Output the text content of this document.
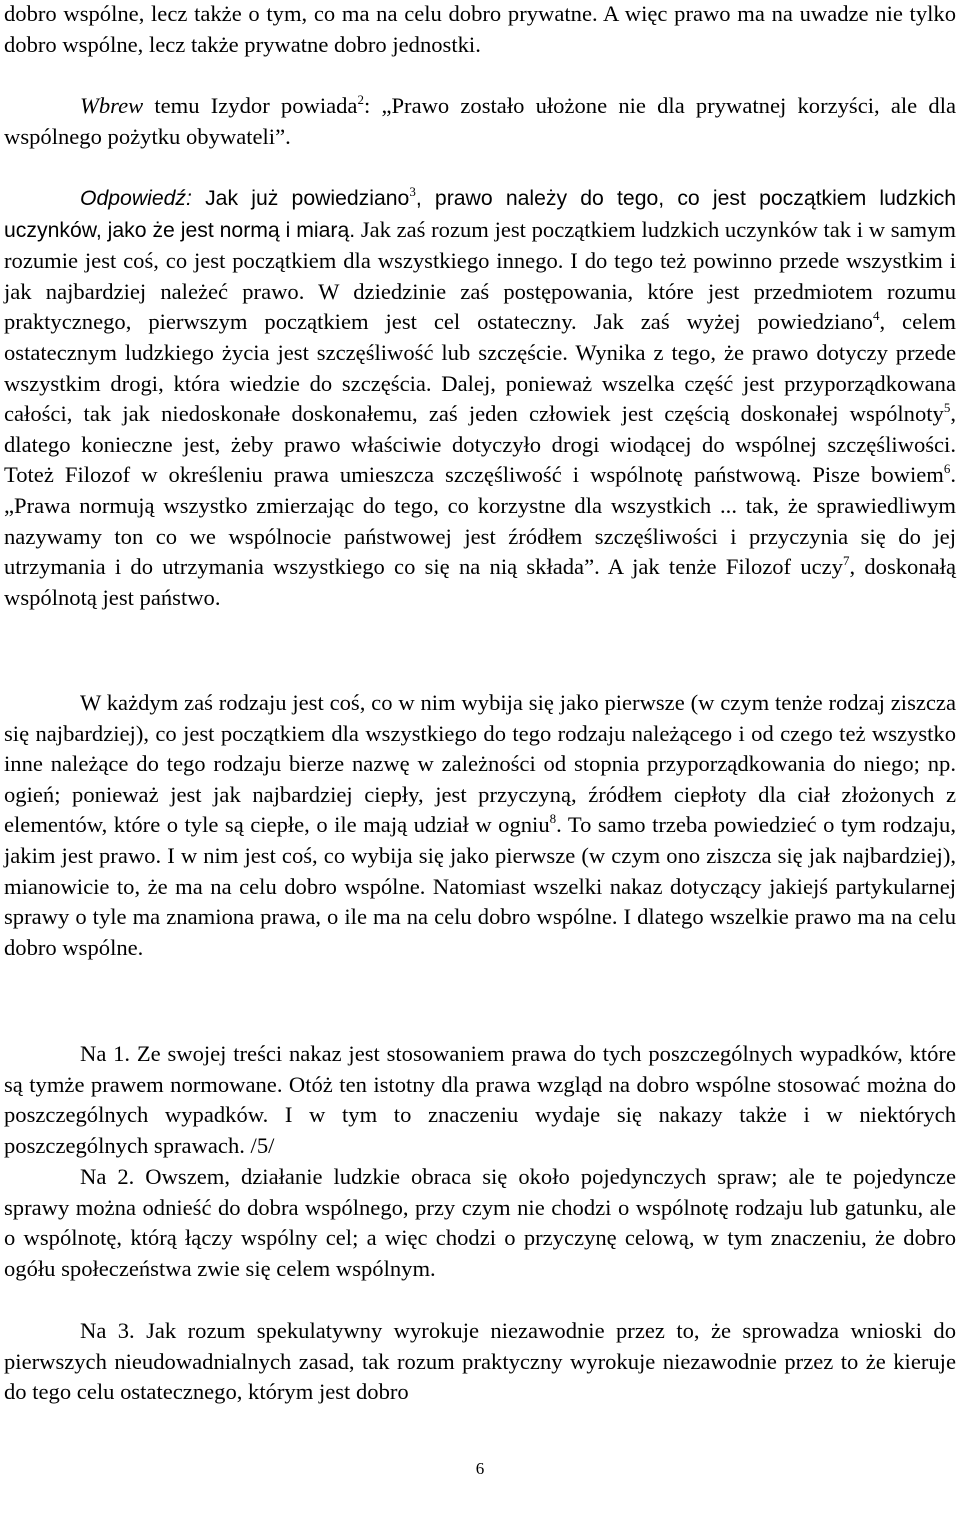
dobro wspólne, lecz także o tym, co ma na celu dobro prywatne. A więc prawo ma na uwadze nie tylko dobro wspólne, lecz także prywatne dobro jednostki.

Wbrew temu Izydor powiada$^2$: „Prawo zostało ułożone nie dla prywatnej korzyści, ale dla wspólnego pożytku obywateli”.

Odpowiedź: Jak już powiedziano$^3$, prawo należy do tego, co jest początkiem ludzkich uczynków, jako że jest normą i miarą. Jak zaś rozum jest początkiem ludzkich uczynków tak i w samym rozumie jest coś, co jest początkiem dla wszystkiego innego. I do tego też powinno przede wszystkim i jak najbardziej należeć prawo. W dziedzinie zaś postępowania, które jest przedmiotem rozumu praktycznego, pierwszym początkiem jest cel ostateczny. Jak zaś wyżej powiedziano$^4$, celem ostatecznym ludzkiego życia jest szczęśliwość lub szczęście. Wynika z tego, że prawo dotyczy przede wszystkim drogi, która wiedzie do szczęścia. Dalej, ponieważ wszelka część jest przyporządkowana całości, tak jak niedoskonałe doskonałemu, zaś jeden człowiek jest częścią doskonałej wspólnoty$^5$, dlatego konieczne jest, żeby prawo właściwie dotyczyło drogi wiodącej do wspólnej szczęśliwości. Toteż Filozof w określeniu prawa umieszcza szczęśliwość i wspólnotę państwową. Pisze bowiem$^6$. „Prawa normują wszystko zmierzając do tego, co korzystne dla wszystkich ... tak, że sprawiedliwym nazywamy ton co we wspólnocie państwowej jest źródłem szczęśliwości i przyczynia się do jej utrzymania i do utrzymania wszystkiego co się na nią składa”. A jak tenże Filozof uczy$^7$, doskonałą wspólnotą jest państwo.

W każdym zaś rodzaju jest coś, co w nim wybija się jako pierwsze (w czym tenże rodzaj ziszcza się najbardziej), co jest początkiem dla wszystkiego do tego rodzaju należącego i od czego też wszystko inne należące do tego rodzaju bierze nazwę w zależności od stopnia przyporządkowania do niego; np. ogień; ponieważ jest jak najbardziej ciepły, jest przyczyną, źródłem ciepłoty dla ciał złożonych z elementów, które o tyle są ciepłe, o ile mają udział w ogniu$^8$. To samo trzeba powiedzieć o tym rodzaju, jakim jest prawo. I w nim jest coś, co wybija się jako pierwsze (w czym ono ziszcza się jak najbardziej), mianowicie to, że ma na celu dobro wspólne. Natomiast wszelki nakaz dotyczący jakiejś partykularnej sprawy o tyle ma znamiona prawa, o ile ma na celu dobro wspólne. I dlatego wszelkie prawo ma na celu dobro wspólne.

Na 1. Ze swojej treści nakaz jest stosowaniem prawa do tych poszczególnych wypadków, które są tymże prawem normowane. Otóż ten istotny dla prawa wzgląd na dobro wspólne stosować można do poszczególnych wypadków. I w tym to znaczeniu wydaje się nakazy także i w niektórych poszczególnych sprawach. /5/

Na 2. Owszem, działanie ludzkie obraca się około pojedynczych spraw; ale te pojedyncze sprawy można odnieść do dobra wspólnego, przy czym nie chodzi o wspólnotę rodzaju lub gatunku, ale o wspólnotę, którą łączy wspólny cel; a więc chodzi o przyczynę celową, w tym znaczeniu, że dobro ogółu społeczeństwa zwie się celem wspólnym.

Na 3. Jak rozum spekulatywny wyrokuje niezawodnie przez to, że sprowadza wnioski do pierwszych nieudowadnialnych zasad, tak rozum praktyczny wyrokuje niezawodnie przez to że kieruje do tego celu ostatecznego, którym jest dobro

6
